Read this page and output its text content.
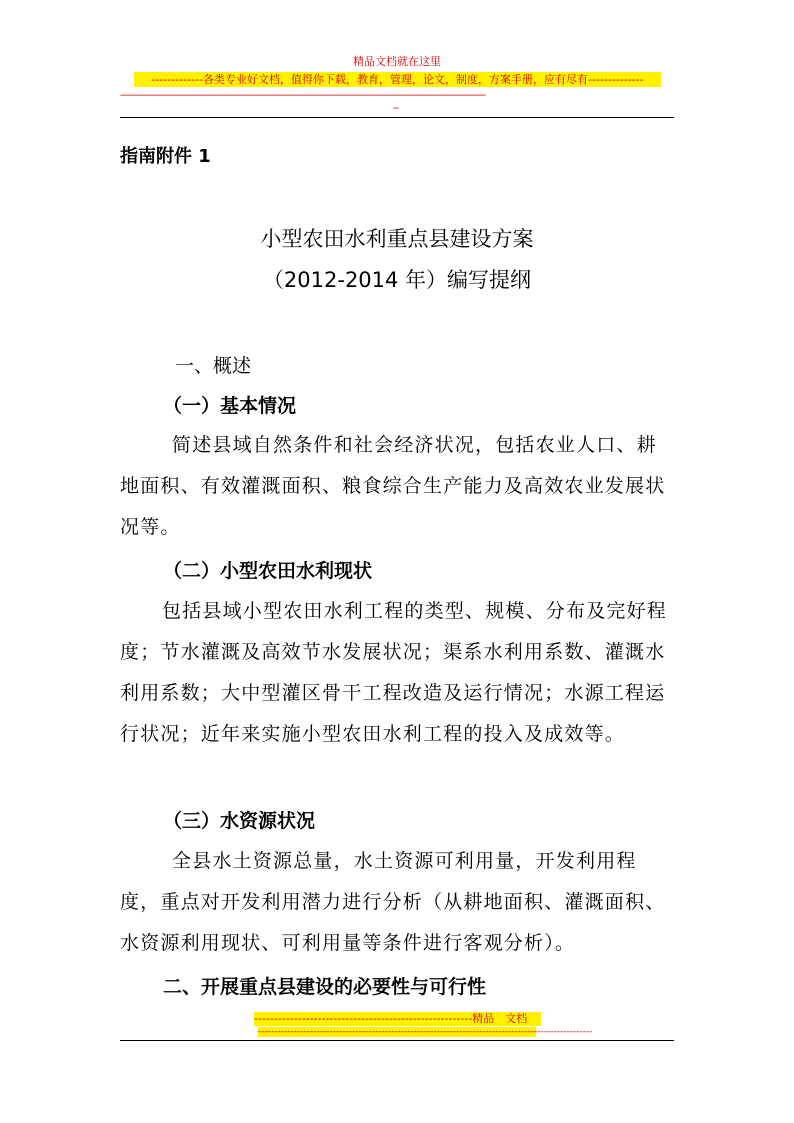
精品文档就在这里
-------------各类专业好文档，值得你下载，教育，管理，论文，制度，方案手册，应有尽有--------------
--------------------------------------------------------------------------------------------------------------------------------------------
--
指南附件 1
小型农田水利重点县建设方案
（2012-2014 年）编写提纲
一、概述
（一）基本情况
简述县域自然条件和社会经济状况，包括农业人口、耕地面积、有效灌溉面积、粮食综合生产能力及高效农业发展状况等。
（二）小型农田水利现状
包括县域小型农田水利工程的类型、规模、分布及完好程度；节水灌溉及高效节水发展状况；渠系水利用系数、灌溉水利用系数；大中型灌区骨干工程改造及运行情况；水源工程运行状况；近年来实施小型农田水利工程的投入及成效等。
（三）水资源状况
全县水土资源总量，水土资源可利用量，开发利用程度，重点对开发利用潜力进行分析（从耕地面积、灌溉面积、水资源利用现状、可利用量等条件进行客观分析）。
二、开展重点县建设的必要性与可行性
-------------------------------------------------------精品　文档
-------------------------------------------------------------------------------------------------------
